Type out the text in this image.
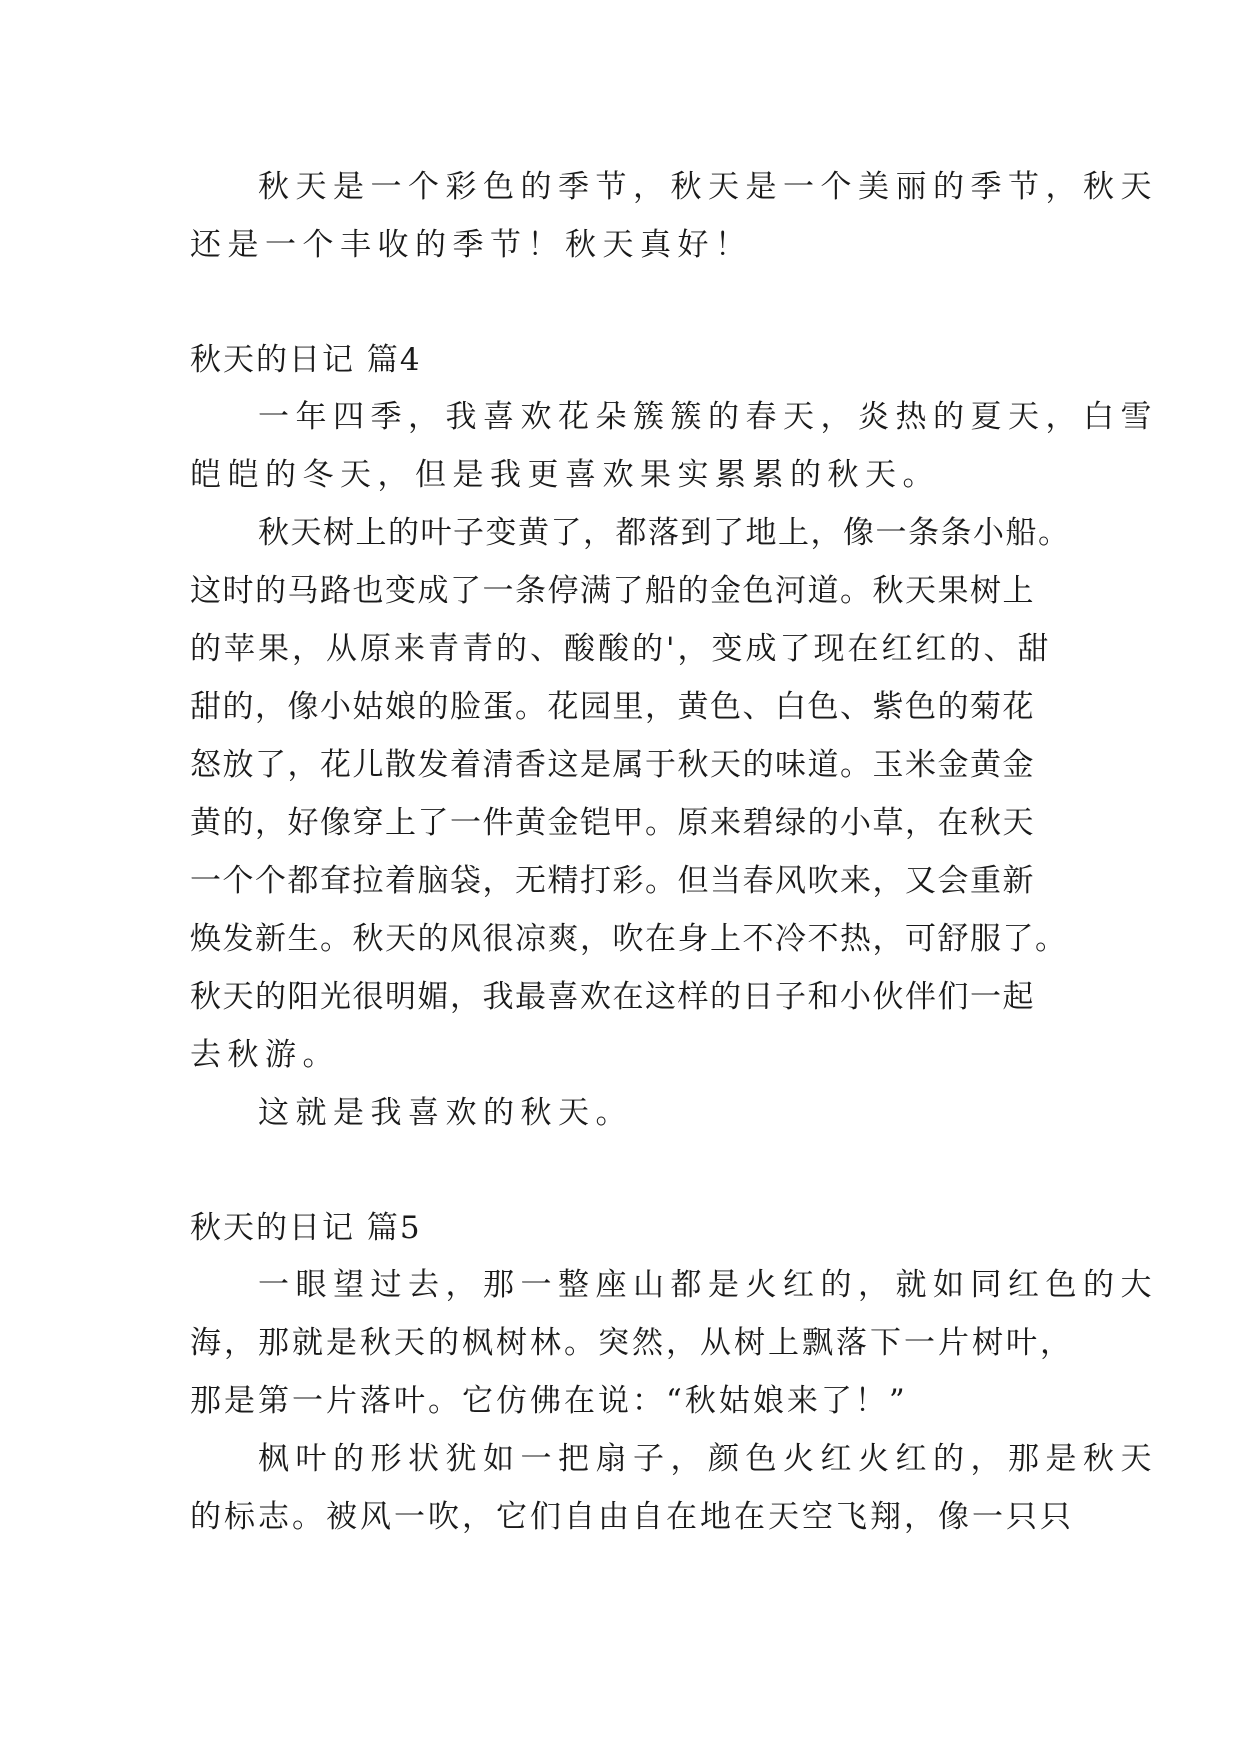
秋天是一个彩色的季节，秋天是一个美丽的季节，秋天
还是一个丰收的季节！秋天真好！
秋天的日记 篇4
一年四季，我喜欢花朵簇簇的春天，炎热的夏天，白雪
皑皑的冬天，但是我更喜欢果实累累的秋天。
秋天树上的叶子变黄了，都落到了地上，像一条条小船。
这时的马路也变成了一条停满了船的金色河道。秋天果树上
的苹果，从原来青青的、酸酸的'，变成了现在红红的、甜
甜的，像小姑娘的脸蛋。花园里，黄色、白色、紫色的菊花
怒放了，花儿散发着清香这是属于秋天的味道。玉米金黄金
黄的，好像穿上了一件黄金铠甲。原来碧绿的小草，在秋天
一个个都耷拉着脑袋，无精打彩。但当春风吹来，又会重新
焕发新生。秋天的风很凉爽，吹在身上不冷不热，可舒服了。
秋天的阳光很明媚，我最喜欢在这样的日子和小伙伴们一起
去秋游。
这就是我喜欢的秋天。
秋天的日记 篇5
一眼望过去，那一整座山都是火红的，就如同红色的大
海，那就是秋天的枫树林。突然，从树上飘落下一片树叶，
那是第一片落叶。它仿佛在说：“秋姑娘来了！”
枫叶的形状犹如一把扇子，颜色火红火红的，那是秋天
的标志。被风一吹，它们自由自在地在天空飞翔，像一只只
